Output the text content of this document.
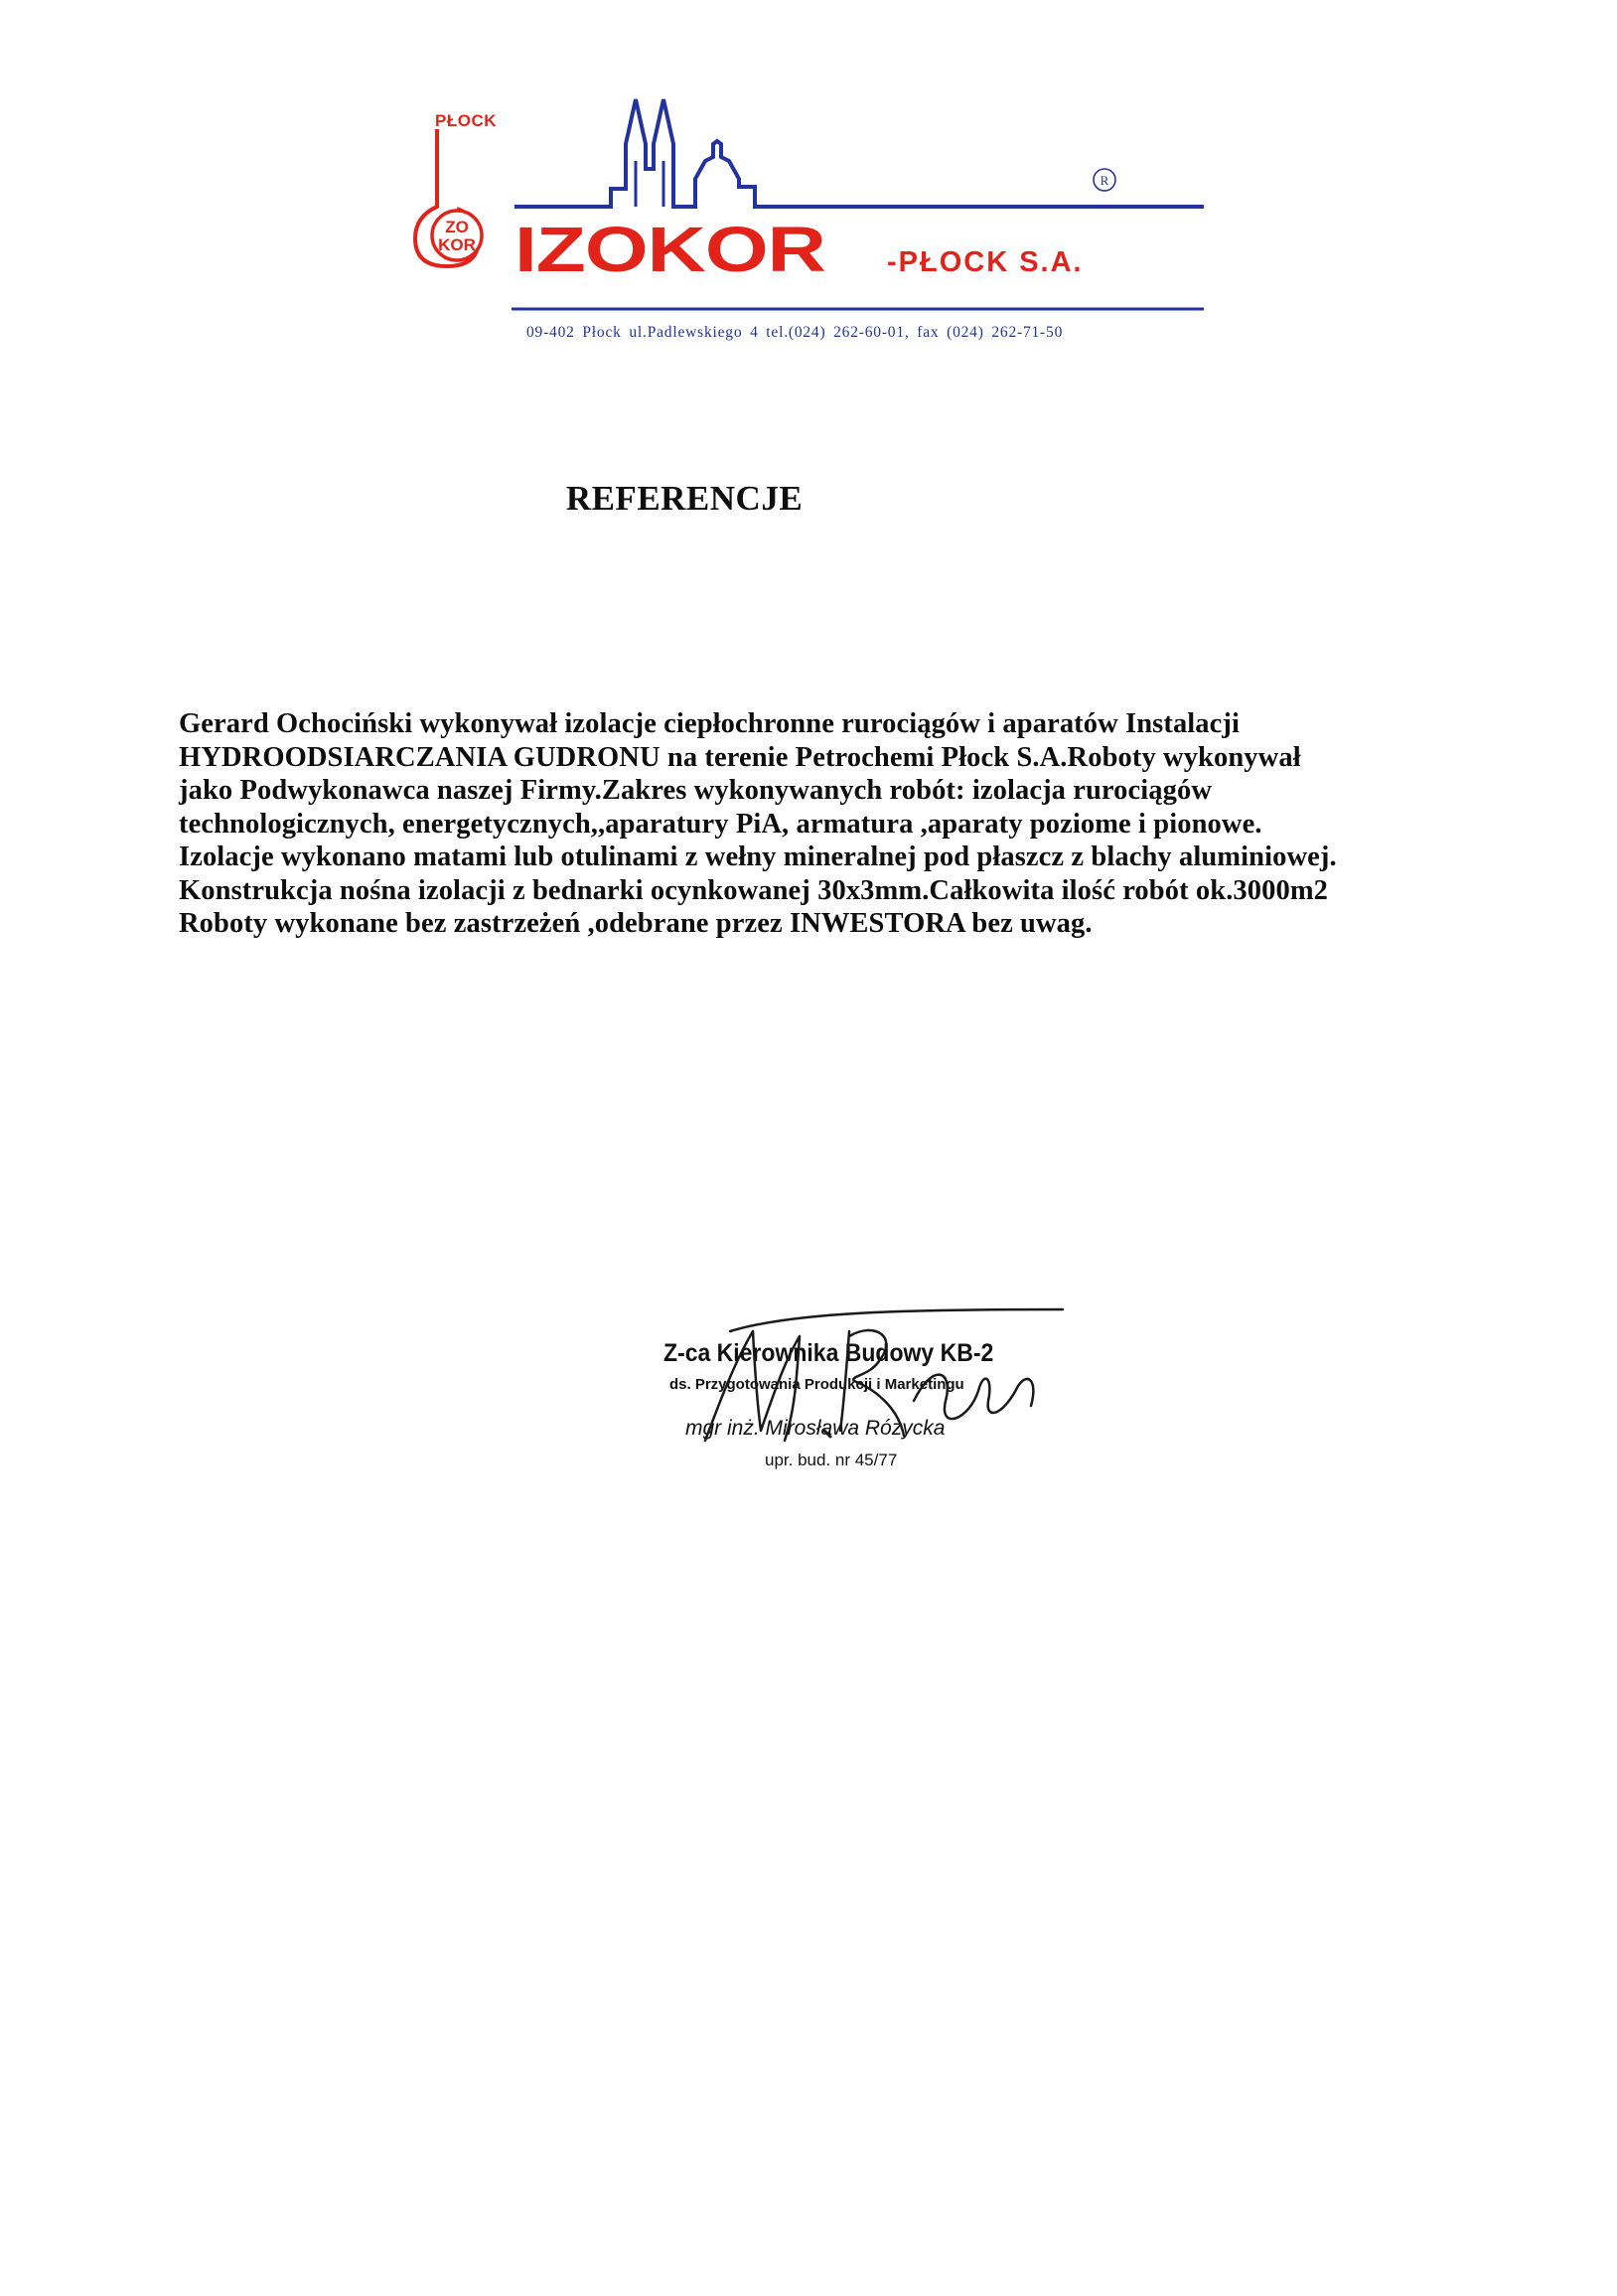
ZO
KOR
R
PŁOCK
IZOKOR -PŁOCK S.A.
09-402 Płock ul.Padlewskiego 4 tel.(024) 262-60-01, fax (024) 262-71-50
REFERENCJE
Gerard Ochociński wykonywał izolacje ciepłochronne rurociągów i aparatów Instalacji
HYDROODSIARCZANIA GUDRONU na terenie Petrochemi Płock S.A.Roboty wykonywał
jako Podwykonawca naszej Firmy.Zakres wykonywanych robót: izolacja rurociągów
technologicznych, energetycznych,,aparatury PiA, armatura ,aparaty poziome i pionowe.
Izolacje wykonano matami lub otulinami z wełny mineralnej pod płaszcz z blachy aluminiowej.
Konstrukcja nośna izolacji z bednarki ocynkowanej 30x3mm.Całkowita ilość robót ok.3000m2
Roboty wykonane bez zastrzeżeń ,odebrane przez INWESTORA bez uwag.
Z-ca Kierownika Budowy KB-2
ds. Przygotowania Produkcji i Marketingu
mgr inż. Mirosława Różycka
upr. bud. nr 45/77
